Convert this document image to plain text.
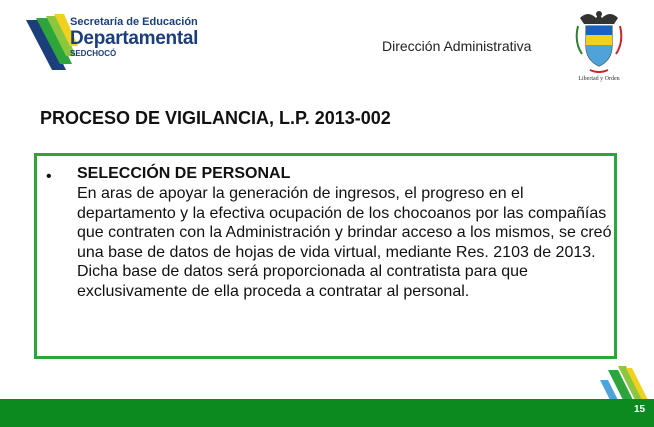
Secretaría de Educación
Departamental
SEDCHOCÓ	Dirección Administrativa
Libertad y Orden
PROCESO DE VIGILANCIA, L.P. 2013-002
• SELECCIÓN DE PERSONAL

En aras de apoyar la generación de ingresos, el progreso en el departamento y la efectiva ocupación de los chocoanos por las compañías que contraten con la Administración y brindar acceso a los mismos, se creó una base de datos de hojas de vida virtual, mediante Res. 2103 de 2013. Dicha base de datos será proporcionada al contratista para que exclusivamente de ella proceda a contratar al personal.

15
